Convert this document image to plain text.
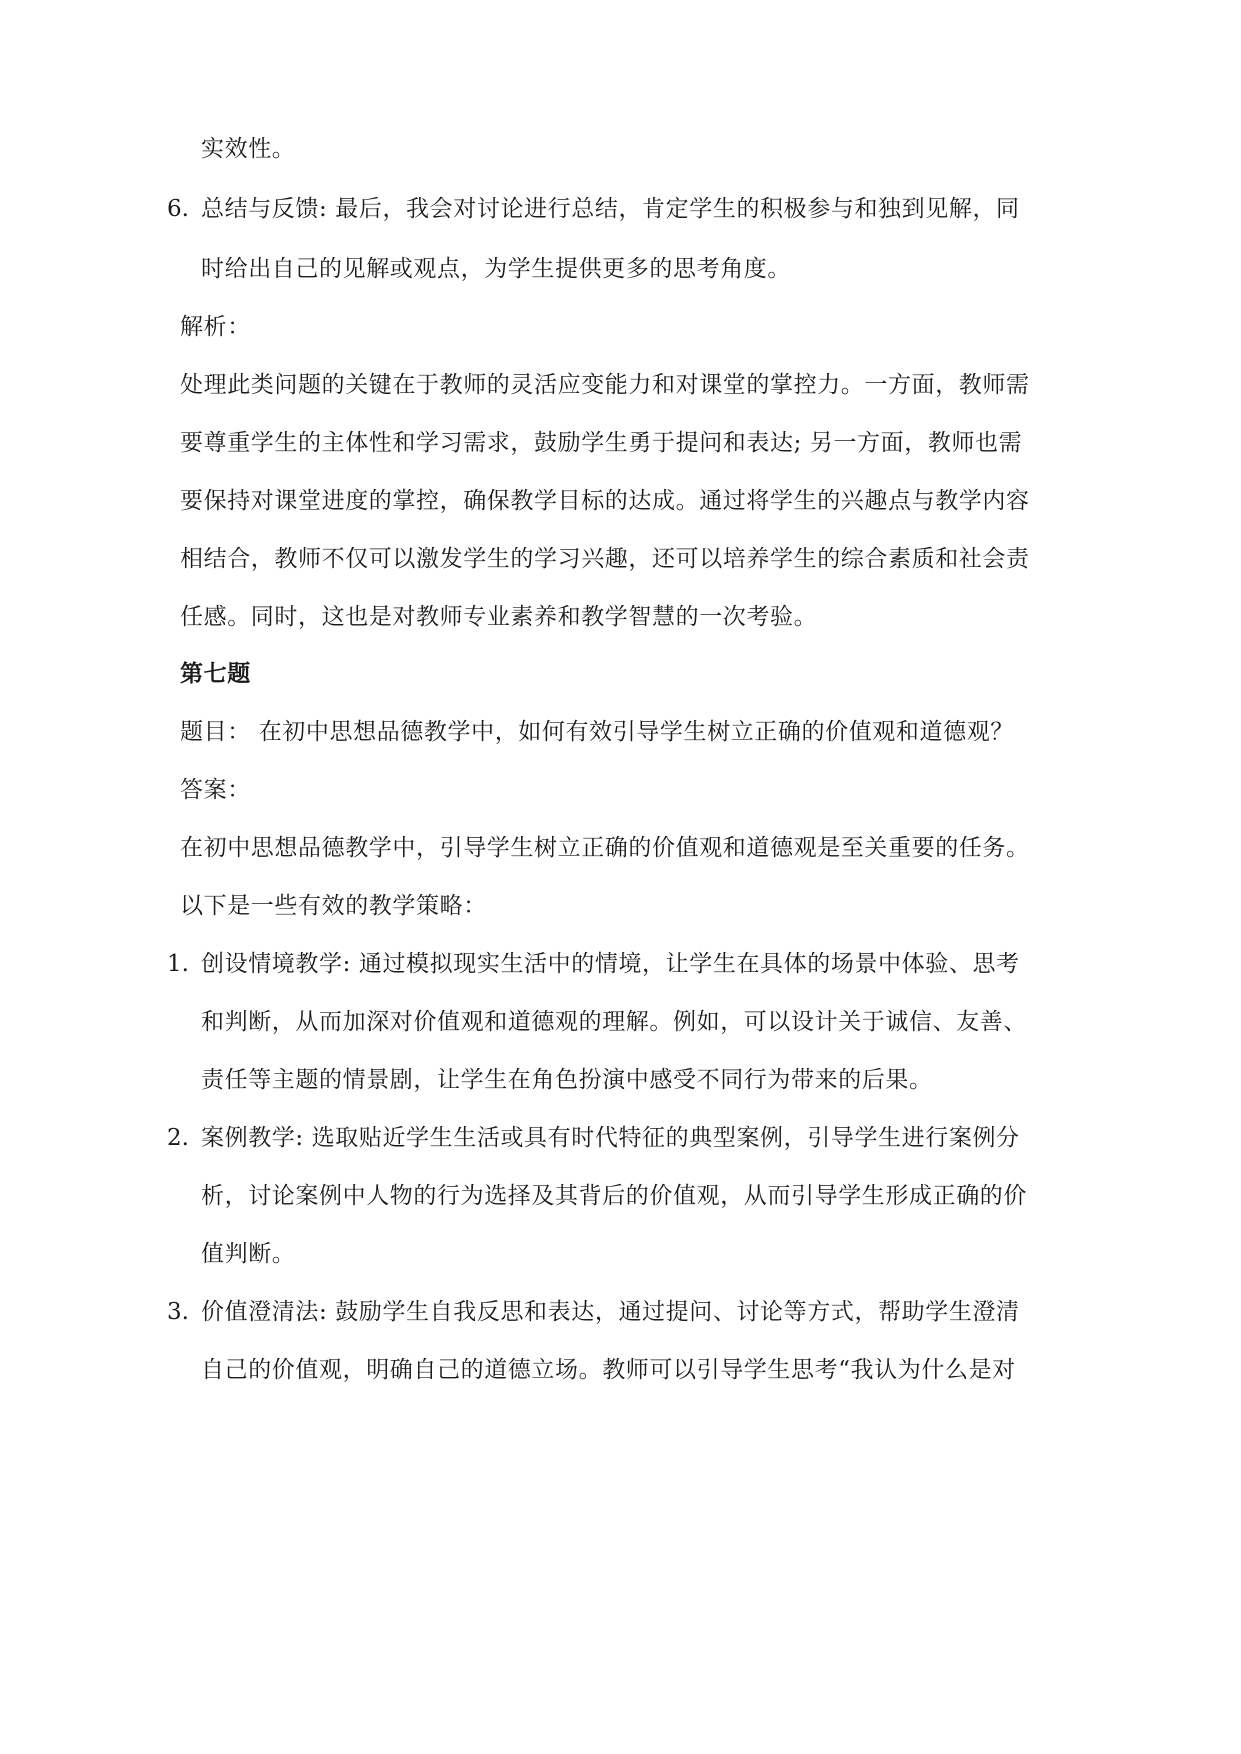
实效性。
6. 总结与反馈: 最后，我会对讨论进行总结，肯定学生的积极参与和独到见解，同
时给出自己的见解或观点，为学生提供更多的思考角度。
解析：
处理此类问题的关键在于教师的灵活应变能力和对课堂的掌控力。一方面，教师需
要尊重学生的主体性和学习需求，鼓励学生勇于提问和表达; 另一方面，教师也需
要保持对课堂进度的掌控，确保教学目标的达成。通过将学生的兴趣点与教学内容
相结合，教师不仅可以激发学生的学习兴趣，还可以培养学生的综合素质和社会责
任感。同时，这也是对教师专业素养和教学智慧的一次考验。
第七题
题目： 在初中思想品德教学中，如何有效引导学生树立正确的价值观和道德观？
答案：
在初中思想品德教学中，引导学生树立正确的价值观和道德观是至关重要的任务。
以下是一些有效的教学策略：
1. 创设情境教学: 通过模拟现实生活中的情境，让学生在具体的场景中体验、思考
和判断，从而加深对价值观和道德观的理解。例如，可以设计关于诚信、友善、
责任等主题的情景剧，让学生在角色扮演中感受不同行为带来的后果。
2. 案例教学: 选取贴近学生生活或具有时代特征的典型案例，引导学生进行案例分
析，讨论案例中人物的行为选择及其背后的价值观，从而引导学生形成正确的价
值判断。
3. 价值澄清法: 鼓励学生自我反思和表达，通过提问、讨论等方式，帮助学生澄清
自己的价值观，明确自己的道德立场。教师可以引导学生思考“我认为什么是对
